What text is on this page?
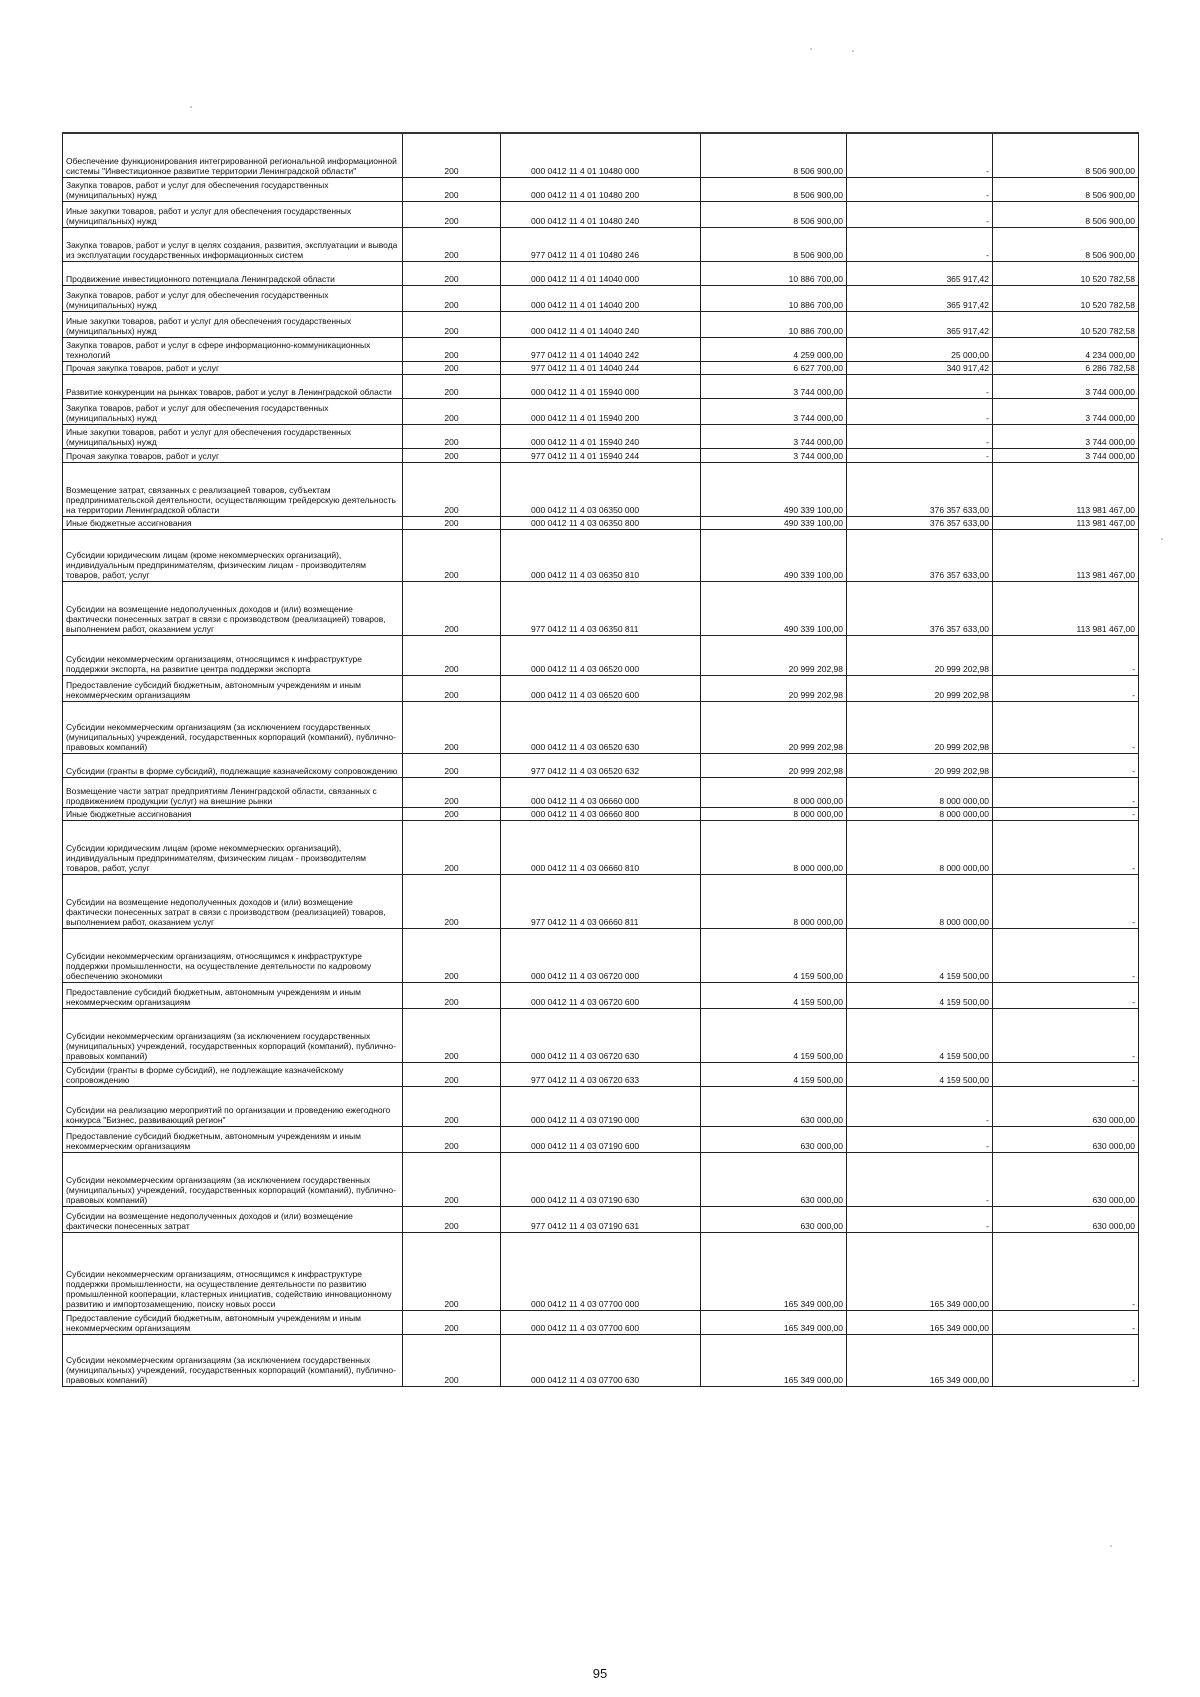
Обеспечение функционирования интегрированной региональной информационной системы "Инвестиционное развитие территории Ленинградской области"	200	000 0412 11 4 01 10480 000	8 506 900,00	-	8 506 900,00
Закупка товаров, работ и услуг для обеспечения государственных (муниципальных) нужд	200	000 0412 11 4 01 10480 200	8 506 900,00	-	8 506 900,00
Иные закупки товаров, работ и услуг для обеспечения государственных (муниципальных) нужд	200	000 0412 11 4 01 10480 240	8 506 900,00	-	8 506 900,00
Закупка товаров, работ и услуг в целях создания, развития, эксплуатации и вывода из эксплуатации государственных информационных систем	200	977 0412 11 4 01 10480 246	8 506 900,00	-	8 506 900,00
Продвижение инвестиционного потенциала Ленинградской области	200	000 0412 11 4 01 14040 000	10 886 700,00	365 917,42	10 520 782,58
Закупка товаров, работ и услуг для обеспечения государственных (муниципальных) нужд	200	000 0412 11 4 01 14040 200	10 886 700,00	365 917,42	10 520 782,58
Иные закупки товаров, работ и услуг для обеспечения государственных (муниципальных) нужд	200	000 0412 11 4 01 14040 240	10 886 700,00	365 917,42	10 520 782,58
Закупка товаров, работ и услуг в сфере информационно-коммуникационных технологий	200	977 0412 11 4 01 14040 242	4 259 000,00	25 000,00	4 234 000,00
Прочая закупка товаров, работ и услуг	200	977 0412 11 4 01 14040 244	6 627 700,00	340 917,42	6 286 782,58
Развитие конкуренции на рынках товаров, работ и услуг в Ленинградской области	200	000 0412 11 4 01 15940 000	3 744 000,00	-	3 744 000,00
Закупка товаров, работ и услуг для обеспечения государственных (муниципальных) нужд	200	000 0412 11 4 01 15940 200	3 744 000,00	-	3 744 000,00
Иные закупки товаров, работ и услуг для обеспечения государственных (муниципальных) нужд	200	000 0412 11 4 01 15940 240	3 744 000,00	-	3 744 000,00
Прочая закупка товаров, работ и услуг	200	977 0412 11 4 01 15940 244	3 744 000,00	-	3 744 000,00
Возмещение затрат, связанных с реализацией товаров, субъектам предпринимательской деятельности, осуществляющим трейдерскую деятельность на территории Ленинградской области	200	000 0412 11 4 03 06350 000	490 339 100,00	376 357 633,00	113 981 467,00
Иные бюджетные ассигнования	200	000 0412 11 4 03 06350 800	490 339 100,00	376 357 633,00	113 981 467,00
Субсидии юридическим лицам (кроме некоммерческих организаций), индивидуальным предпринимателям, физическим лицам - производителям товаров, работ, услуг	200	000 0412 11 4 03 06350 810	490 339 100,00	376 357 633,00	113 981 467,00
Субсидии на возмещение недополученных доходов и (или) возмещение фактически понесенных затрат в связи с производством (реализацией) товаров, выполнением работ, оказанием услуг	200	977 0412 11 4 03 06350 811	490 339 100,00	376 357 633,00	113 981 467,00
Субсидии некоммерческим организациям, относящимся к инфраструктуре поддержки экспорта, на развитие центра поддержки экспорта	200	000 0412 11 4 03 06520 000	20 999 202,98	20 999 202,98	-
Предоставление субсидий бюджетным, автономным учреждениям и иным некоммерческим организациям	200	000 0412 11 4 03 06520 600	20 999 202,98	20 999 202,98	-
Субсидии некоммерческим организациям (за исключением государственных (муниципальных) учреждений, государственных корпораций (компаний), публично-правовых компаний)	200	000 0412 11 4 03 06520 630	20 999 202,98	20 999 202,98	-
Субсидии (гранты в форме субсидий), подлежащие казначейскому сопровождению	200	977 0412 11 4 03 06520 632	20 999 202,98	20 999 202,98	-
Возмещение части затрат предприятиям Ленинградской области, связанных с продвижением продукции (услуг) на внешние рынки	200	000 0412 11 4 03 06660 000	8 000 000,00	8 000 000,00	-
Иные бюджетные ассигнования	200	000 0412 11 4 03 06660 800	8 000 000,00	8 000 000,00	-
Субсидии юридическим лицам (кроме некоммерческих организаций), индивидуальным предпринимателям, физическим лицам - производителям товаров, работ, услуг	200	000 0412 11 4 03 06660 810	8 000 000,00	8 000 000,00	-
Субсидии на возмещение недополученных доходов и (или) возмещение фактически понесенных затрат в связи с производством (реализацией) товаров, выполнением работ, оказанием услуг	200	977 0412 11 4 03 06660 811	8 000 000,00	8 000 000,00	-
Субсидии некоммерческим организациям, относящимся к инфраструктуре поддержки промышленности, на осуществление деятельности по кадровому обеспечению экономики	200	000 0412 11 4 03 06720 000	4 159 500,00	4 159 500,00	-
Предоставление субсидий бюджетным, автономным учреждениям и иным некоммерческим организациям	200	000 0412 11 4 03 06720 600	4 159 500,00	4 159 500,00	-
Субсидии некоммерческим организациям (за исключением государственных (муниципальных) учреждений, государственных корпораций (компаний), публично-правовых компаний)	200	000 0412 11 4 03 06720 630	4 159 500,00	4 159 500,00	-
Субсидии (гранты в форме субсидий), не подлежащие казначейскому сопровождению	200	977 0412 11 4 03 06720 633	4 159 500,00	4 159 500,00	-
Субсидии на реализацию мероприятий по организации и проведению ежегодного конкурса "Бизнес, развивающий регион"	200	000 0412 11 4 03 07190 000	630 000,00	-	630 000,00
Предоставление субсидий бюджетным, автономным учреждениям и иным некоммерческим организациям	200	000 0412 11 4 03 07190 600	630 000,00	-	630 000,00
Субсидии некоммерческим организациям (за исключением государственных (муниципальных) учреждений, государственных корпораций (компаний), публично-правовых компаний)	200	000 0412 11 4 03 07190 630	630 000,00	-	630 000,00
Субсидии на возмещение недополученных доходов и (или) возмещение фактически понесенных затрат	200	977 0412 11 4 03 07190 631	630 000,00	-	630 000,00
Субсидии некоммерческим организациям, относящимся к инфраструктуре поддержки промышленности, на осуществление деятельности по развитию промышленной кооперации, кластерных инициатив, содействию инновационному развитию и импортозамещению, поиску новых росси	200	000 0412 11 4 03 07700 000	165 349 000,00	165 349 000,00	-
Предоставление субсидий бюджетным, автономным учреждениям и иным некоммерческим организациям	200	000 0412 11 4 03 07700 600	165 349 000,00	165 349 000,00	-
Субсидии некоммерческим организациям (за исключением государственных (муниципальных) учреждений, государственных корпораций (компаний), публично-правовых компаний)	200	000 0412 11 4 03 07700 630	165 349 000,00	165 349 000,00	-
95
